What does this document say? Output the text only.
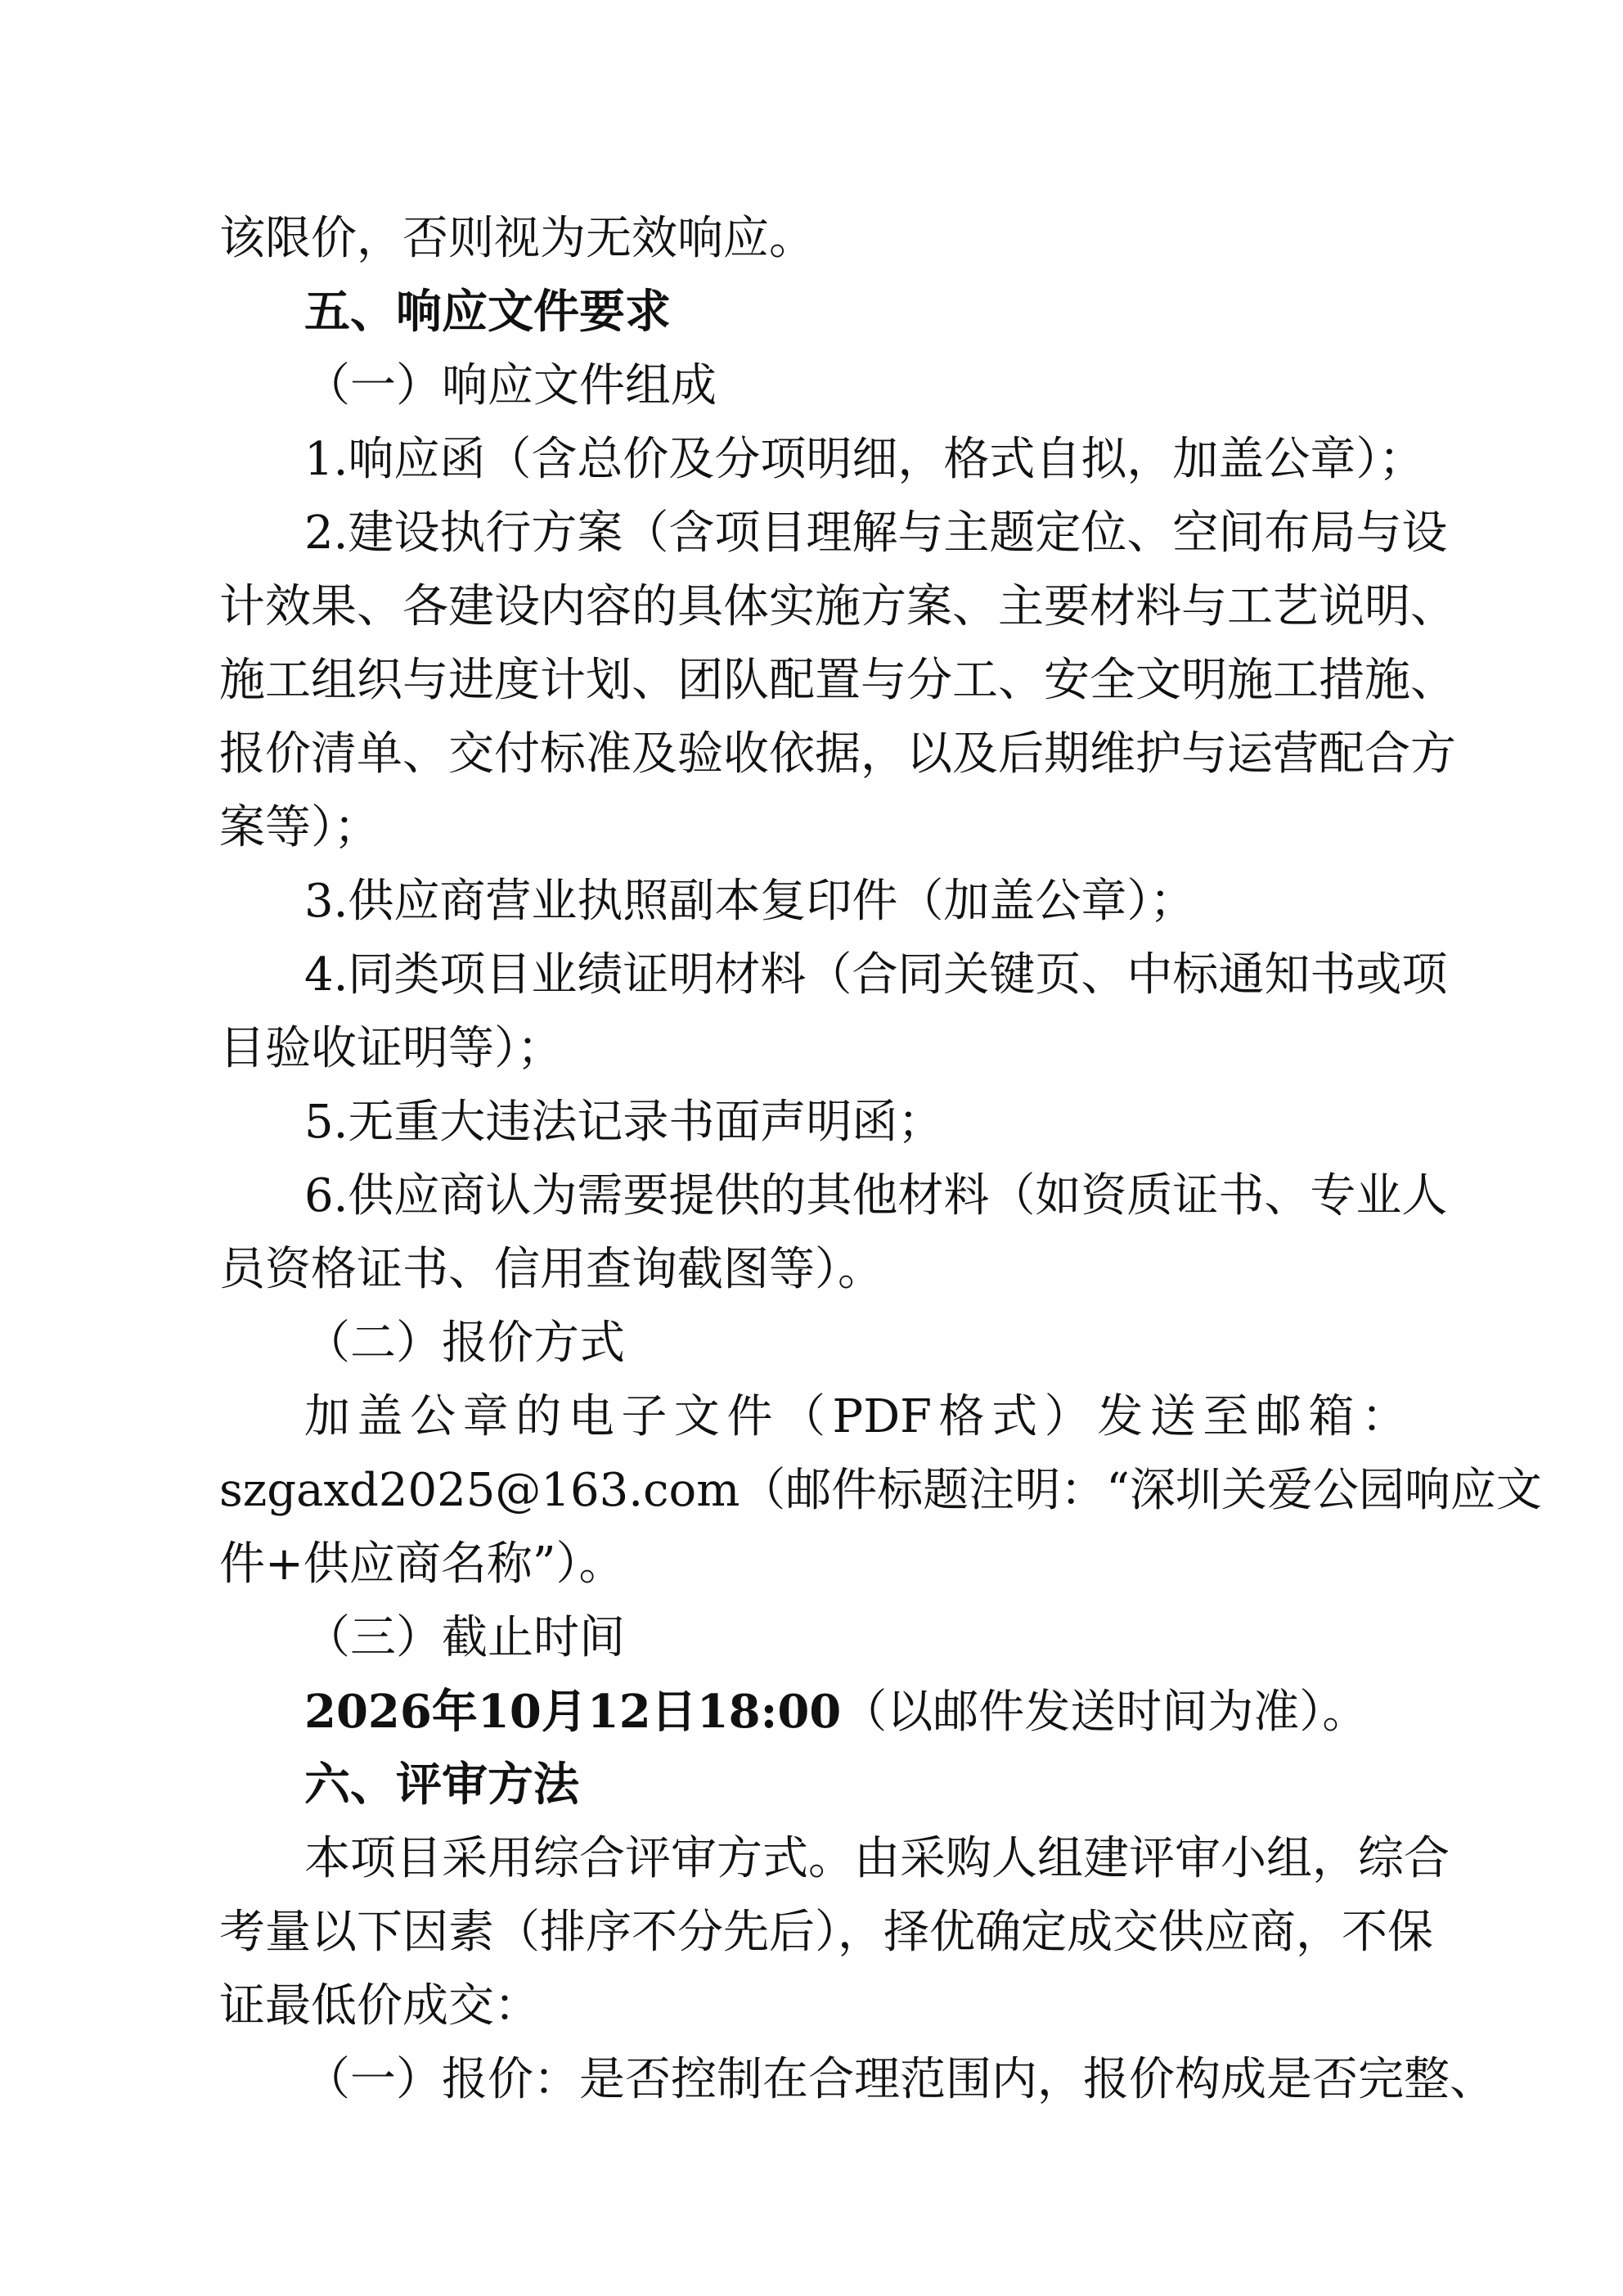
该限价，否则视为无效响应。
五、响应文件要求
（一）响应文件组成
1.响应函（含总价及分项明细，格式自拟，加盖公章）；
2.建设执行方案（含项目理解与主题定位、空间布局与设
计效果、各建设内容的具体实施方案、主要材料与工艺说明、
施工组织与进度计划、团队配置与分工、安全文明施工措施、
报价清单、交付标准及验收依据，以及后期维护与运营配合方
案等）；
3.供应商营业执照副本复印件（加盖公章）；
4.同类项目业绩证明材料（合同关键页、中标通知书或项
目验收证明等）；
5.无重大违法记录书面声明函；
6.供应商认为需要提供的其他材料（如资质证书、专业人
员资格证书、信用查询截图等）。
（二）报价方式
加盖公章的电子文件（PDF格式）发送至邮箱：
szgaxd2025@163.com（邮件标题注明：“深圳关爱公园响应文
件+供应商名称”）。
（三）截止时间
2026年10月12日18:00（以邮件发送时间为准）。
六、评审方法
本项目采用综合评审方式。由采购人组建评审小组，综合
考量以下因素（排序不分先后），择优确定成交供应商，不保
证最低价成交：
（一）报价：是否控制在合理范围内，报价构成是否完整、
